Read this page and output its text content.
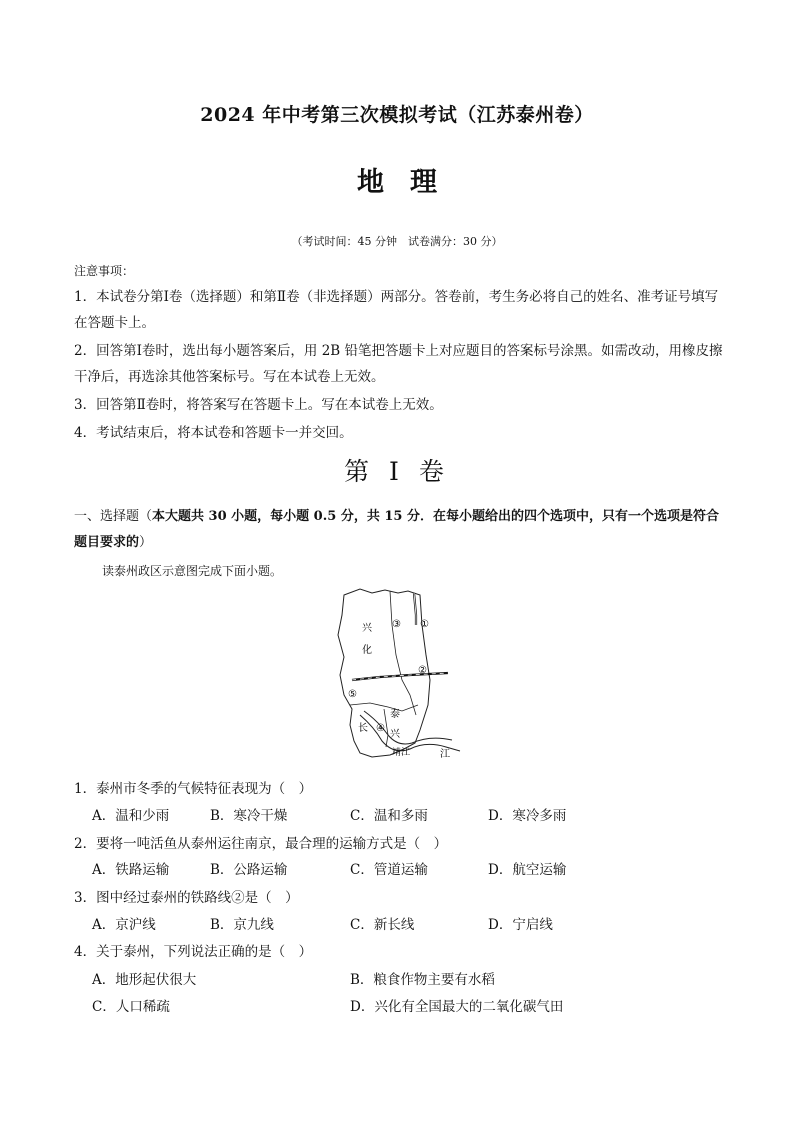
2024 年中考第三次模拟考试（江苏泰州卷）
地理
（考试时间：45 分钟　试卷满分：30 分）
注意事项：
1．本试卷分第Ⅰ卷（选择题）和第Ⅱ卷（非选择题）两部分。答卷前，考生务必将自己的姓名、准考证号填写在答题卡上。
2．回答第Ⅰ卷时，选出每小题答案后，用 2B 铅笔把答题卡上对应题目的答案标号涂黑。如需改动，用橡皮擦干净后，再选涂其他答案标号。写在本试卷上无效。
3．回答第Ⅱ卷时，将答案写在答题卡上。写在本试卷上无效。
4．考试结束后，将本试卷和答题卡一并交回。
第 I 卷
一、选择题（本大题共 30 小题，每小题 0.5 分，共 15 分．在每小题给出的四个选项中，只有一个选项是符合题目要求的）
读泰州政区示意图完成下面小题。
兴
化
③ ①
②
⑤
泰
④
兴
长
靖江	江
1．泰州市冬季的气候特征表现为（　）
A．温和少雨	B．寒冷干燥	C．温和多雨	D．寒冷多雨
2．要将一吨活鱼从泰州运往南京，最合理的运输方式是（　）
A．铁路运输	B．公路运输	C．管道运输	D．航空运输
3．图中经过泰州的铁路线②是（　）
A．京沪线	B．京九线	C．新长线	D．宁启线
4．关于泰州，下列说法正确的是（　）
A．地形起伏很大	B．粮食作物主要有水稻
C．人口稀疏	D．兴化有全国最大的二氧化碳气田
